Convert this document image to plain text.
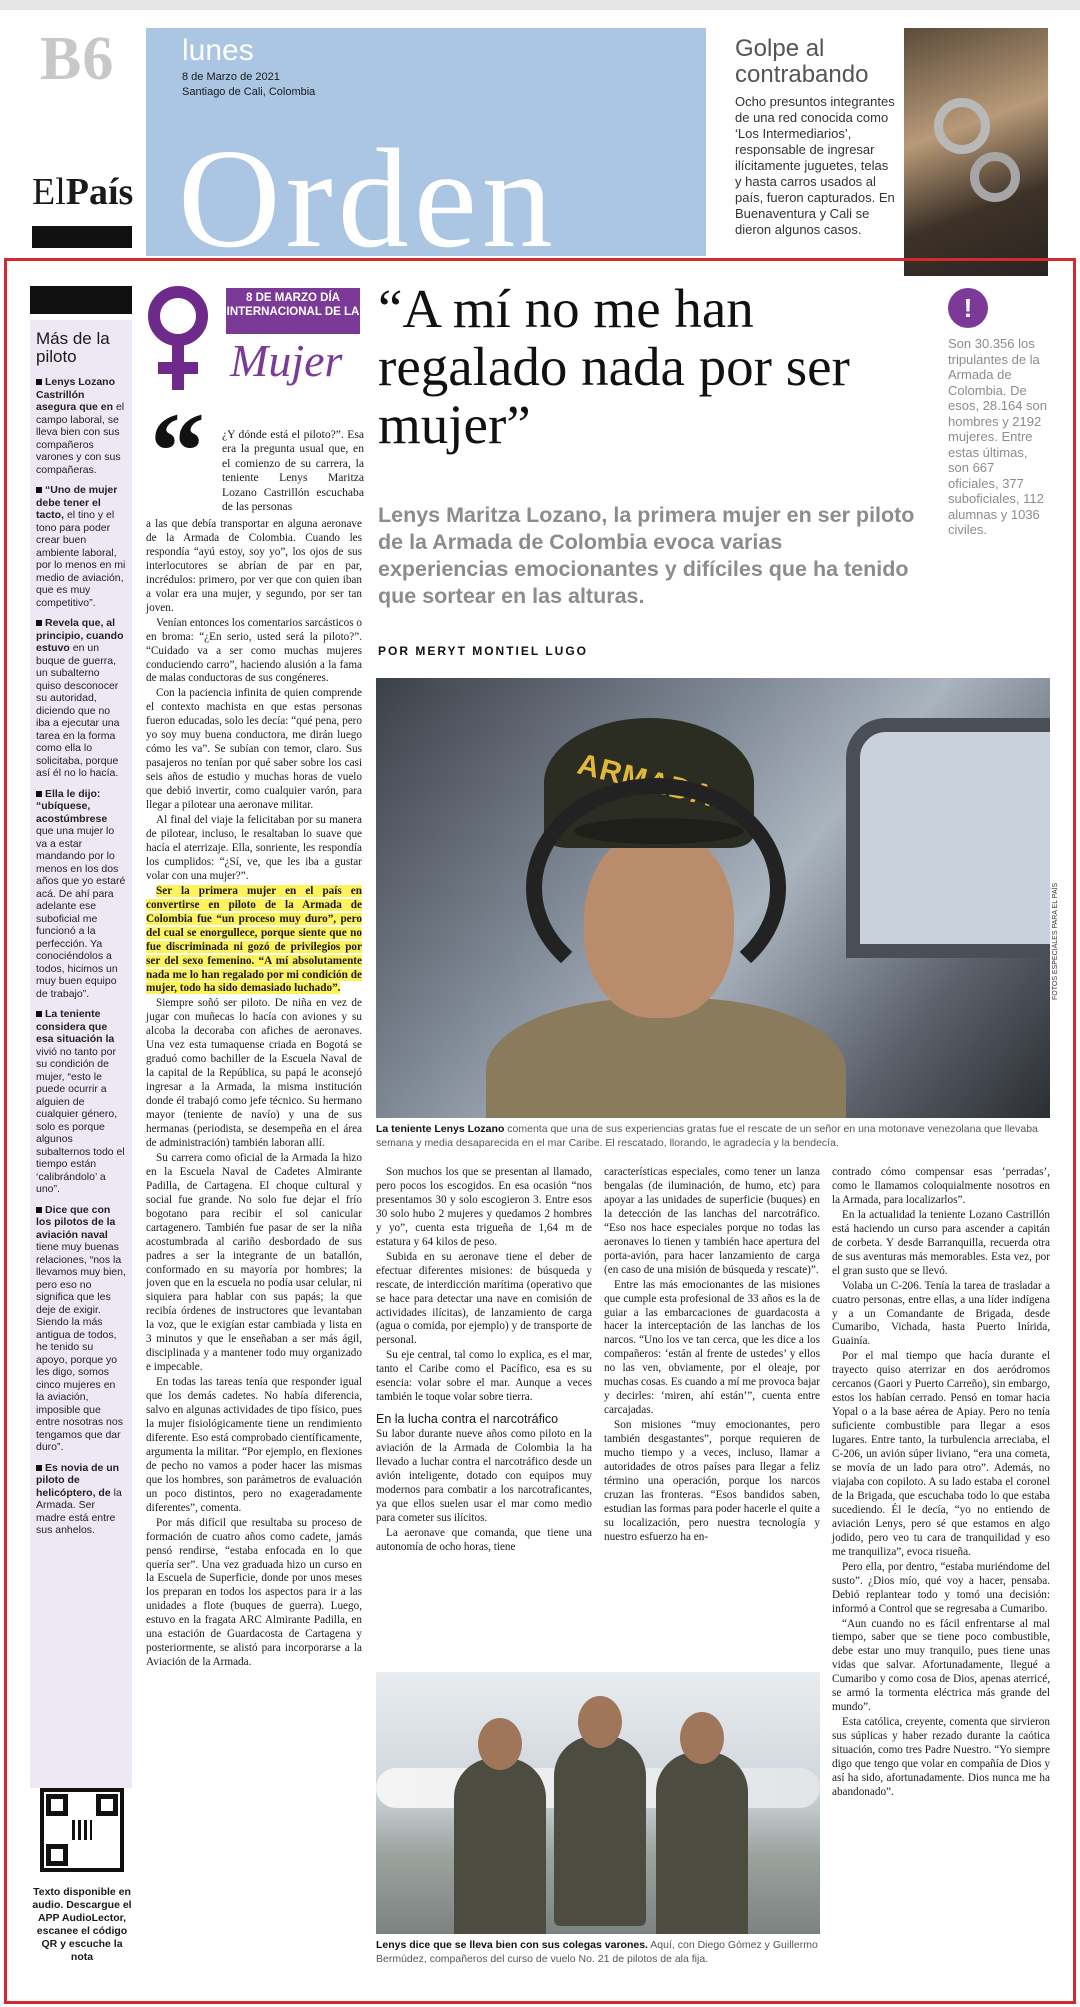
B6
ElPaís
lunes
8 de Marzo de 2021
Santiago de Cali, Colombia
Orden
Golpe al contrabando
Ocho presuntos integrantes de una red conocida como ‘Los Intermediarios’, responsable de ingresar ilícitamente juguetes, telas y hasta carros usados al país, fueron capturados. En Buenaventura y Cali se dieron algunos casos.
Más de la piloto
Lenys Lozano Castrillón asegura que en el campo laboral, se lleva bien con sus compañeros varones y con sus compañeras.
“Uno de mujer debe tener el tacto, el tino y el tono para poder crear buen ambiente laboral, por lo menos en mi medio de aviación, que es muy competitivo”.
Revela que, al principio, cuando estuvo en un buque de guerra, un subalterno quiso desconocer su autoridad, diciendo que no iba a ejecutar una tarea en la forma como ella lo solicitaba, porque así él no lo hacía.
Ella le dijo: “ubíquese, acostúmbrese que una mujer lo va a estar mandando por lo menos en los dos años que yo estaré acá. De ahí para adelante ese suboficial me funcionó a la perfección. Ya conociéndolos a todos, hicimos un muy buen equipo de trabajo”.
La teniente considera que esa situación la vivió no tanto por su condición de mujer, “esto le puede ocurrir a alguien de cualquier género, solo es porque algunos subalternos todo el tiempo están ‘calibrándolo’ a uno”.
Dice que con los pilotos de la aviación naval tiene muy buenas relaciones, “nos la llevamos muy bien, pero eso no significa que les deje de exigir. Siendo la más antigua de todos, he tenido su apoyo, porque yo les digo, somos cinco mujeres en la aviación, imposible que entre nosotras nos tengamos que dar duro”.
Es novia de un piloto de helicóptero, de la Armada. Ser madre está entre sus anhelos.
Texto disponible en audio. Descargue el APP AudioLector, escanee el código QR y escuche la nota
8 DE MARZO DÍA INTERNACIONAL DE LA
Mujer
“A mí no me han regalado nada por ser mujer”
Lenys Maritza Lozano, la primera mujer en ser piloto de la Armada de Colombia evoca varias experiencias emocionantes y difíciles que ha tenido que sortear en las alturas.
POR MERYT MONTIEL LUGO
!
Son 30.356 los tripulantes de la Armada de Colombia. De esos, 28.164 son hombres y 2192 mujeres. Entre estas últimas, son 667 oficiales, 377 suboficiales, 112 alumnas y 1036 civiles.
“ ¿Y dónde está el piloto?”. Esa era la pregunta usual que, en el comienzo de su carrera, la teniente Lenys Maritza Lozano Castrillón escuchaba de las personas

a las que debía transportar en alguna aeronave de la Armada de Colombia. Cuando les respondía “ayú estoy, soy yo”, los ojos de sus interlocutores se abrían de par en par, incrédulos: primero, por ver que con quien iban a volar era una mujer, y segundo, por ser tan joven.

Venían entonces los comentarios sarcásticos o en broma: “¿En serio, usted será la piloto?”. “Cuidado va a ser como muchas mujeres conduciendo carro”, haciendo alusión a la fama de malas conductoras de sus congéneres.

Con la paciencia infinita de quien comprende el contexto machista en que estas personas fueron educadas, solo les decía: “qué pena, pero yo soy muy buena conductora, me dirán luego cómo les va”. Se subían con temor, claro. Sus pasajeros no tenían por qué saber sobre los casi seis años de estudio y muchas horas de vuelo que debió invertir, como cualquier varón, para llegar a pilotear una aeronave militar.

Al final del viaje la felicitaban por su manera de pilotear, incluso, le resaltaban lo suave que hacía el aterrizaje. Ella, sonriente, les respondía los cumplidos: “¿Sí, ve, que les iba a gustar volar con una mujer?”.

Ser la primera mujer en el país en convertirse en piloto de la Armada de Colombia fue “un proceso muy duro”, pero del cual se enorgullece, porque siente que no fue discriminada ni gozó de privilegios por ser del sexo femenino. “A mí absolutamente nada me lo han regalado por mi condición de mujer, todo ha sido demasiado luchado”.

Siempre soñó ser piloto. De niña en vez de jugar con muñecas lo hacía con aviones y su alcoba la decoraba con afiches de aeronaves. Una vez esta tumaquense criada en Bogotá se graduó como bachiller de la Escuela Naval de la capital de la República, su papá le aconsejó ingresar a la Armada, la misma institución donde él trabajó como jefe técnico. Su hermano mayor (teniente de navío) y una de sus hermanas (periodista, se desempeña en el área de administración) también laboran allí.

Su carrera como oficial de la Armada la hizo en la Escuela Naval de Cadetes Almirante Padilla, de Cartagena. El choque cultural y social fue grande. No solo fue dejar el frío bogotano para recibir el sol canicular cartagenero. También fue pasar de ser la niña acostumbrada al cariño desbordado de sus padres a ser la integrante de un batallón, conformado en su mayoría por hombres; la joven que en la escuela no podía usar celular, ni siquiera para hablar con sus papás; la que recibía órdenes de instructores que levantaban la voz, que le exigían estar cambiada y lista en 3 minutos y que le enseñaban a ser más ágil, disciplinada y a mantener todo muy organizado e impecable.

En todas las tareas tenía que responder igual que los demás cadetes. No había diferencia, salvo en algunas actividades de tipo físico, pues la mujer fisiológicamente tiene un rendimiento diferente. Eso está comprobado científicamente, argumenta la militar. “Por ejemplo, en flexiones de pecho no vamos a poder hacer las mismas que los hombres, son parámetros de evaluación un poco distintos, pero no exageradamente diferentes”, comenta.

Por más difícil que resultaba su proceso de formación de cuatro años como cadete, jamás pensó rendirse, “estaba enfocada en lo que quería ser”. Una vez graduada hizo un curso en la Escuela de Superficie, donde por unos meses los preparan en todos los aspectos para ir a las unidades a flote (buques de guerra). Luego, estuvo en la fragata ARC Almirante Padilla, en una estación de Guardacosta de Cartagena y posteriormente, se alistó para incorporarse a la Aviación de la Armada.

ARMADA
FOTOS ESPECIALES PARA EL PAÍS
La teniente Lenys Lozano comenta que una de sus experiencias gratas fue el rescate de un señor en una motonave venezolana que llevaba semana y media desaparecida en el mar Caribe. El rescatado, llorando, le agradecía y la bendecía.

Son muchos los que se presentan al llamado, pero pocos los escogidos. En esa ocasión “nos presentamos 30 y solo escogieron 3. Entre esos 30 solo hubo 2 mujeres y quedamos 2 hombres y yo”, cuenta esta trigueña de 1,64 m de estatura y 64 kilos de peso.

Subida en su aeronave tiene el deber de efectuar diferentes misiones: de búsqueda y rescate, de interdicción marítima (operativo que se hace para detectar una nave en comisión de actividades ilícitas), de lanzamiento de carga (agua o comida, por ejemplo) y de transporte de personal.

Su eje central, tal como lo explica, es el mar, tanto el Caribe como el Pacífico, esa es su esencia: volar sobre el mar. Aunque a veces también le toque volar sobre tierra.

En la lucha contra el narcotráfico

Su labor durante nueve años como piloto en la aviación de la Armada de Colombia la ha llevado a luchar contra el narcotráfico desde un avión inteligente, dotado con equipos muy modernos para combatir a los narcotraficantes, ya que ellos suelen usar el mar como medio para cometer sus ilícitos.

La aeronave que comanda, que tiene una autonomía de ocho horas, tiene

características especiales, como tener un lanza bengalas (de iluminación, de humo, etc) para apoyar a las unidades de superficie (buques) en la detección de las lanchas del narcotráfico. “Eso nos hace especiales porque no todas las aeronaves lo tienen y también hace apertura del porta-avión, para hacer lanzamiento de carga (en caso de una misión de búsqueda y rescate)”.

Entre las más emocionantes de las misiones que cumple esta profesional de 33 años es la de guiar a las embarcaciones de guardacosta a hacer la interceptación de las lanchas de los narcos. “Uno los ve tan cerca, que les dice a los compañeros: ‘están al frente de ustedes’ y ellos no las ven, obviamente, por el oleaje, por muchas cosas. Es cuando a mí me provoca bajar y decirles: ‘miren, ahí están’”, cuenta entre carcajadas.

Son misiones “muy emocionantes, pero también desgastantes”, porque requieren de mucho tiempo y a veces, incluso, llamar a autoridades de otros países para llegar a feliz término una operación, porque los narcos cruzan las fronteras. “Esos bandidos saben, estudian las formas para poder hacerle el quite a su localización, pero nuestra tecnología y nuestro esfuerzo ha en-

contrado cómo compensar esas ‘perradas’, como le llamamos coloquialmente nosotros en la Armada, para localizarlos”.

En la actualidad la teniente Lozano Castrillón está haciendo un curso para ascender a capitán de corbeta. Y desde Barranquilla, recuerda otra de sus aventuras más memorables. Esta vez, por el gran susto que se llevó.

Volaba un C-206. Tenía la tarea de trasladar a cuatro personas, entre ellas, a una líder indígena y a un Comandante de Brigada, desde Cumaribo, Vichada, hasta Puerto Inírida, Guainía.

Por el mal tiempo que hacía durante el trayecto quiso aterrizar en dos aeródromos cercanos (Gaori y Puerto Carreño), sin embargo, estos los habían cerrado. Pensó en tomar hacia Yopal o a la base aérea de Apiay. Pero no tenía suficiente combustible para llegar a esos lugares. Entre tanto, la turbulencia arreciaba, el C-206, un avión súper liviano, “era una cometa, se movía de un lado para otro”. Además, no viajaba con copiloto. A su lado estaba el coronel de la Brigada, que escuchaba todo lo que estaba sucediendo. Él le decía, “yo no entiendo de aviación Lenys, pero sé que estamos en algo jodido, pero veo tu cara de tranquilidad y eso me tranquiliza”, evoca risueña.

Pero ella, por dentro, “estaba muriéndome del susto”. ¿Dios mío, qué voy a hacer, pensaba. Debió replantear todo y tomó una decisión: informó a Control que se regresaba a Cumaribo.

“Aun cuando no es fácil enfrentarse al mal tiempo, saber que se tiene poco combustible, debe estar uno muy tranquilo, pues tiene unas vidas que salvar. Afortunadamente, llegué a Cumaribo y como cosa de Dios, apenas aterricé, se armó la tormenta eléctrica más grande del mundo”.

Esta católica, creyente, comenta que sirvieron sus súplicas y haber rezado durante la caótica situación, como tres Padre Nuestro. “Yo siempre digo que tengo que volar en compañía de Dios y así ha sido, afortunadamente. Dios nunca me ha abandonado”.

Lenys dice que se lleva bien con sus colegas varones. Aquí, con Diego Gómez y Guillermo Bermúdez, compañeros del curso de vuelo No. 21 de pilotos de ala fija.
